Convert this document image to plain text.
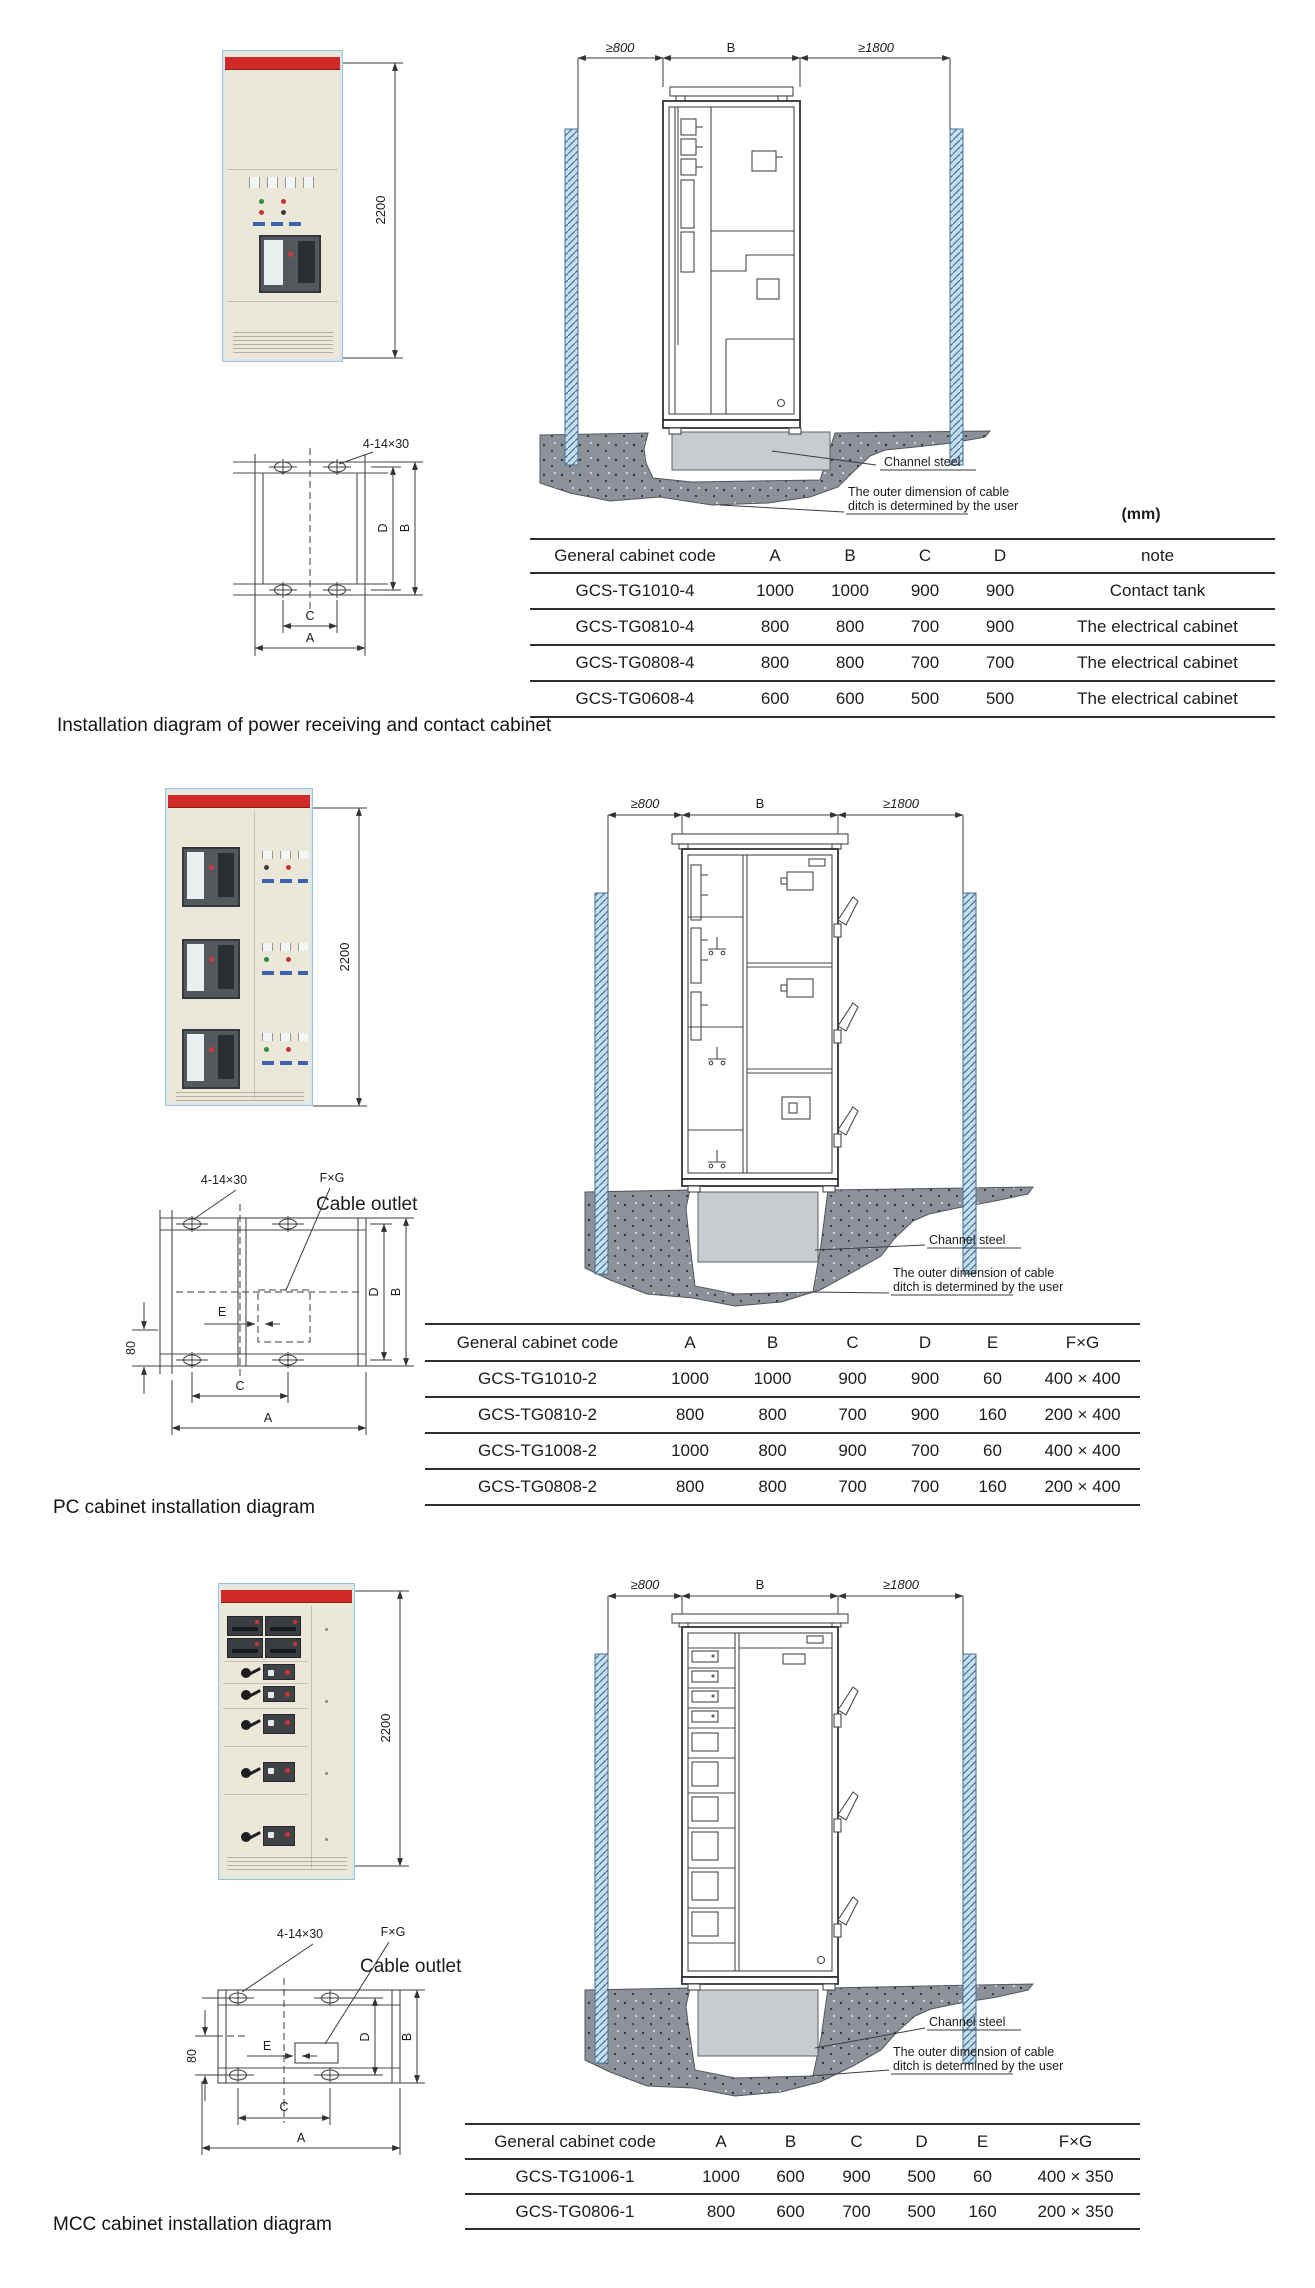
2200
≥800	B	≥1800
Channel steel
The outer dimension of cable
ditch is determined by the user
4-14×30
D B
C
A
(mm)
General cabinet code	A	B	C	D	note
GCS-TG1010-4	1000	1000	900	900	Contact tank
GCS-TG0810-4	800	800	700	900	The electrical cabinet
GCS-TG0808-4	800	800	700	700	The electrical cabinet
GCS-TG0608-4	600	600	500	500	The electrical cabinet
Installation diagram of power receiving and contact cabinet
2200
≥800	B	≥1800
Channel steel
The outer dimension of cable
ditch is determined by the user
4-14×30	F×G
Cable outlet
E
80
D B
C
A
General cabinet code	A	B	C	D	E	F×G
GCS-TG1010-2	1000	1000	900	900	60	400 × 400
GCS-TG0810-2	800	800	700	900	160	200 × 400
GCS-TG1008-2	1000	800	900	700	60	400 × 400
GCS-TG0808-2	800	800	700	700	160	200 × 400
PC cabinet installation diagram
2200
≥800	B	≥1800
Channel steel
The outer dimension of cable
ditch is determined by the user
4-14×30	F×G
Cable outlet
E
80
D B
C
A	General cabinet code	A	B	C	D	E	F×G
GCS-TG1006-1	1000	600	900	500	60	400 × 350
GCS-TG0806-1	800	600	700	500	160	200 × 350
MCC cabinet installation diagram
